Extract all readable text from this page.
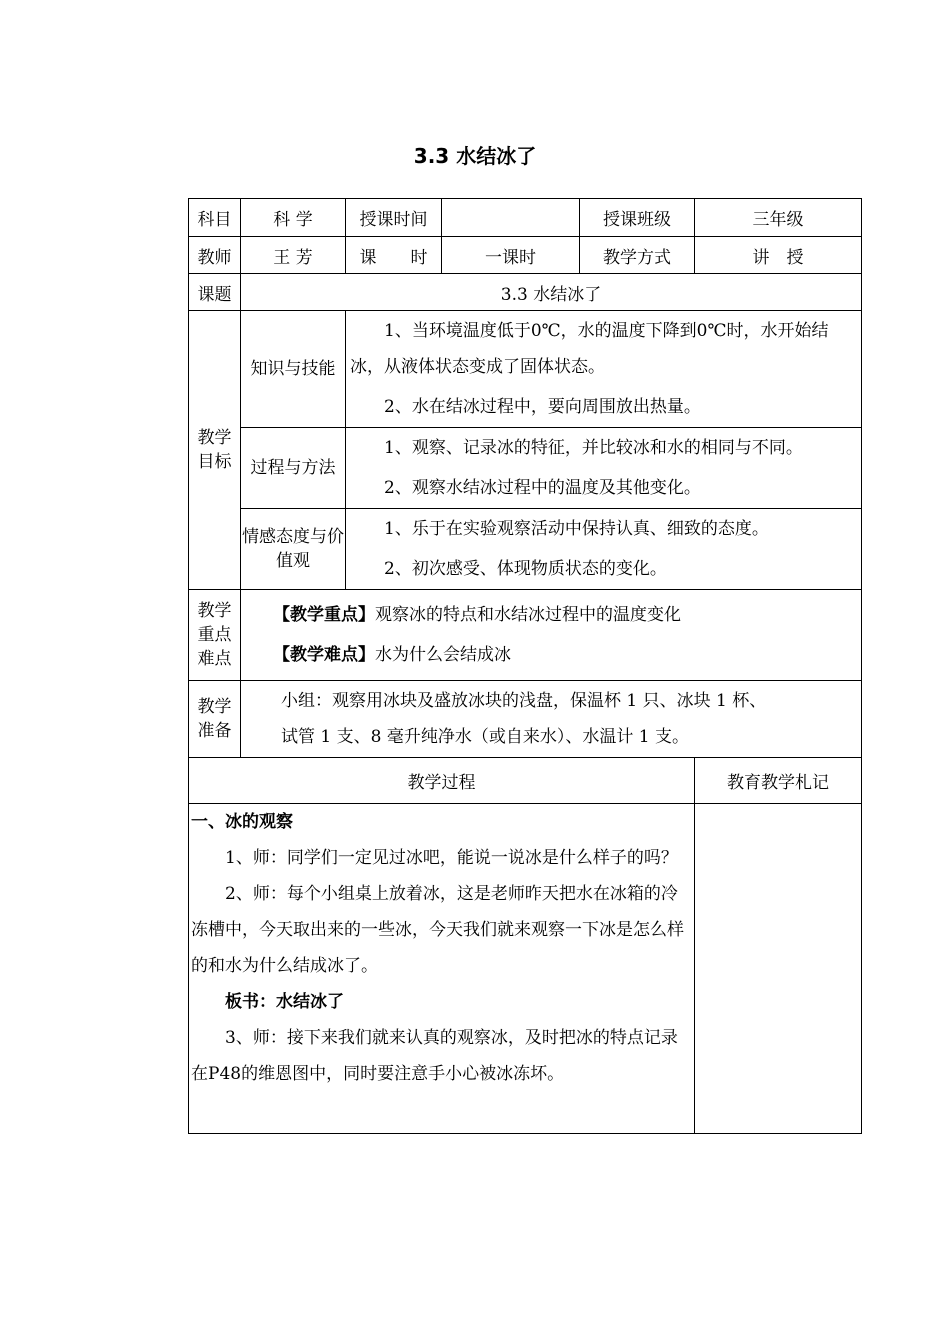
3.3 水结冰了
科目	科 学	授课时间		授课班级	三年级
教师	王 芳	课　　时	一课时	教学方式	讲　授
课题	3.3 水结冰了				

教学目标	知识与技能	1、当环境温度低于0℃，水的温度下降到0℃时，水开始结冰，从液体状态变成了固体状态。
2、水在结冰过程中，要向周围放出热量。			

	过程与方法	1、观察、记录冰的特征，并比较冰和水的相同与不同。
2、观察水结冰过程中的温度及其他变化。			

	情感态度与价值观	1、乐于在实验观察活动中保持认真、细致的态度。
2、初次感受、体现物质状态的变化。			

教学重点难点	【教学重点】观察冰的特点和水结冰过程中的温度变化
【教学难点】水为什么会结成冰				

教学准备	小组：观察用冰块及盛放冰块的浅盘，保温杯 1 只、冰块 1 杯、试管 1 支、8 毫升纯净水（或自来水）、水温计 1 支。				

教学过程					教育教学札记

一、冰的观察
1、师：同学们一定见过冰吧，能说一说冰是什么样子的吗？
2、师：每个小组桌上放着冰，这是老师昨天把水在冰箱的冷冻槽中，今天取出来的一些冰，今天我们就来观察一下冰是怎么样的和水为什么结成冰了。
板书：水结冰了
3、师：接下来我们就来认真的观察冰，及时把冰的特点记录在P48的维恩图中，同时要注意手小心被冰冻坏。					
